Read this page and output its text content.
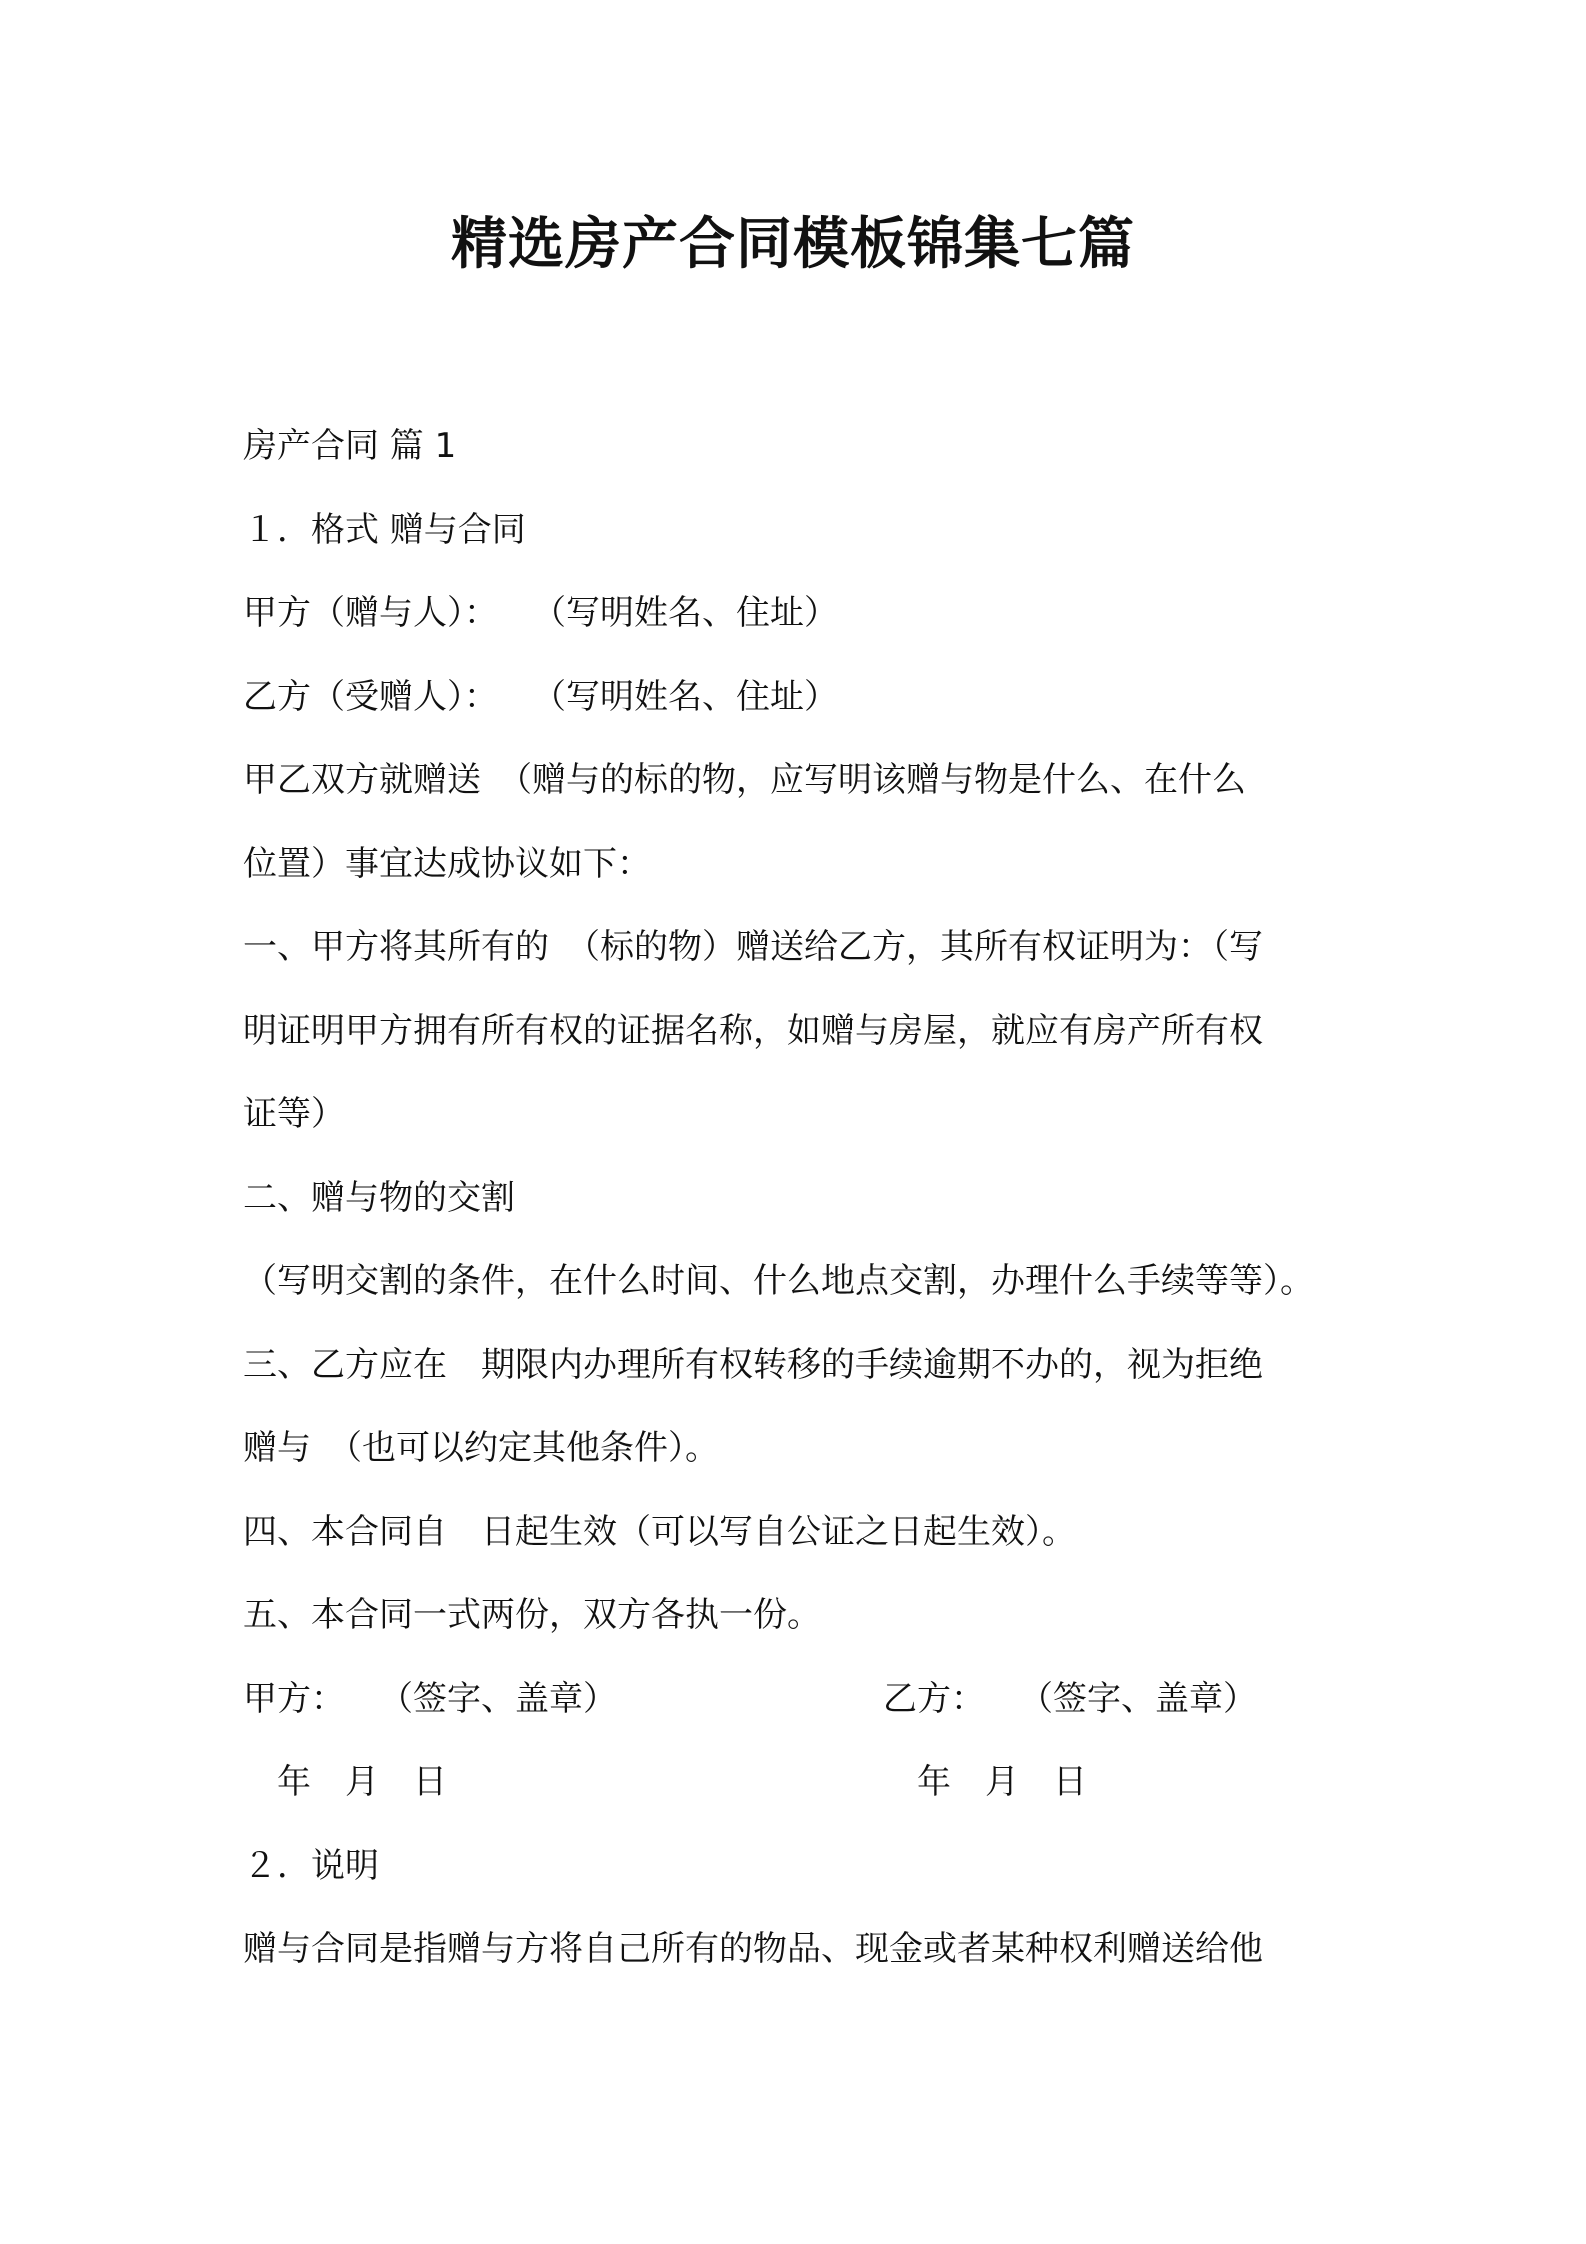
精选房产合同模板锦集七篇

房产合同 篇 1

１．格式 赠与合同

甲方（赠与人）：　　（写明姓名、住址）

乙方（受赠人）：　　（写明姓名、住址）

甲乙双方就赠送　（赠与的标的物，应写明该赠与物是什么、在什么

位置）事宜达成协议如下：

一、甲方将其所有的　（标的物）赠送给乙方，其所有权证明为：（写

明证明甲方拥有所有权的证据名称，如赠与房屋，就应有房产所有权

证等）

二、赠与物的交割

（写明交割的条件，在什么时间、什么地点交割，办理什么手续等等）。

三、乙方应在　期限内办理所有权转移的手续逾期不办的，视为拒绝

赠与　（也可以约定其他条件）。

四、本合同自　日起生效（可以写自公证之日起生效）。

五、本合同一式两份，双方各执一份。

甲方：　　（签字、盖章）	乙方：　　（签字、盖章）
　年　月　日	　年　月　日

２．说明

赠与合同是指赠与方将自己所有的物品、现金或者某种权利赠送给他
